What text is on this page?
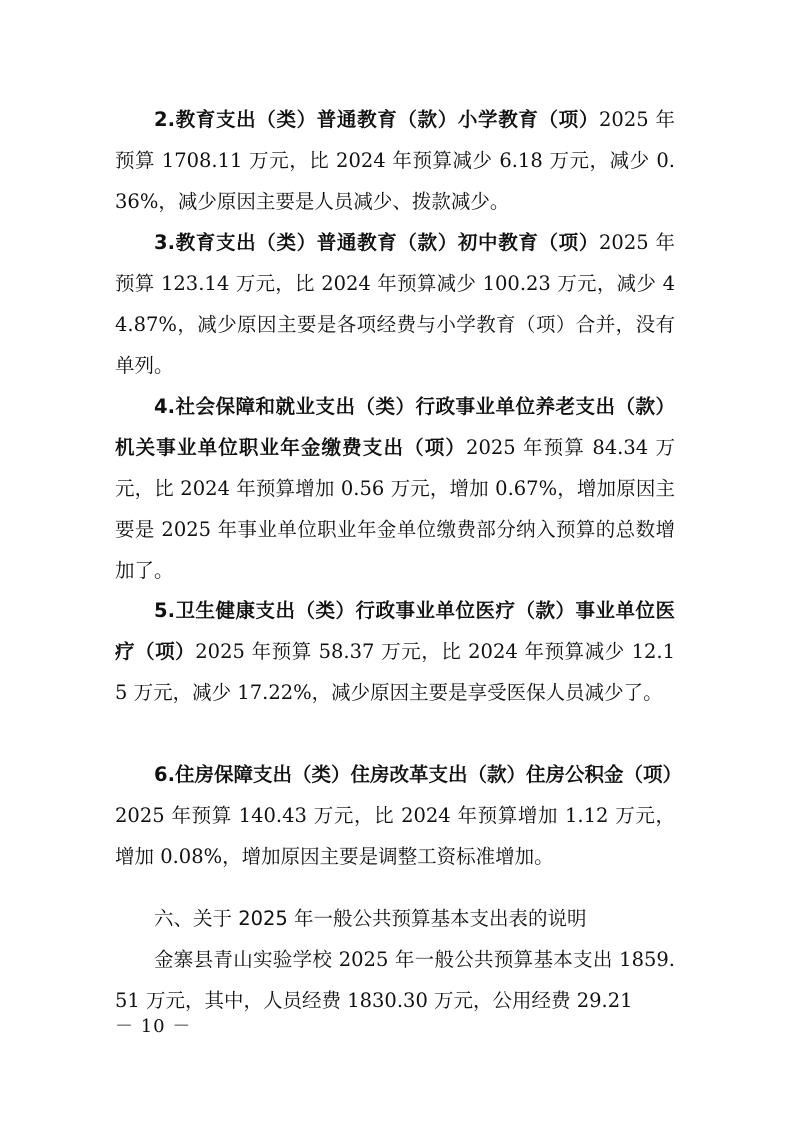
2.教育支出（类）普通教育（款）小学教育（项）2025 年预算 1708.11 万元，比 2024 年预算减少 6.18 万元，减少 0.36%，减少原因主要是人员减少、拨款减少。

3.教育支出（类）普通教育（款）初中教育（项）2025 年预算 123.14 万元，比 2024 年预算减少 100.23 万元，减少 44.87%，减少原因主要是各项经费与小学教育（项）合并，没有单列。

4.社会保障和就业支出（类）行政事业单位养老支出（款）机关事业单位职业年金缴费支出（项）2025 年预算 84.34 万元，比 2024 年预算增加 0.56 万元，增加 0.67%，增加原因主要是 2025 年事业单位职业年金单位缴费部分纳入预算的总数增加了。

5.卫生健康支出（类）行政事业单位医疗（款）事业单位医疗（项）2025 年预算 58.37 万元，比 2024 年预算减少 12.15 万元，减少 17.22%，减少原因主要是享受医保人员减少了。

6.住房保障支出（类）住房改革支出（款）住房公积金（项）2025 年预算 140.43 万元，比 2024 年预算增加 1.12 万元，增加 0.08%，增加原因主要是调整工资标准增加。

六、关于 2025 年一般公共预算基本支出表的说明

金寨县青山实验学校 2025 年一般公共预算基本支出 1859.51 万元，其中，人员经费 1830.30 万元，公用经费 29.21

－ 10 －
